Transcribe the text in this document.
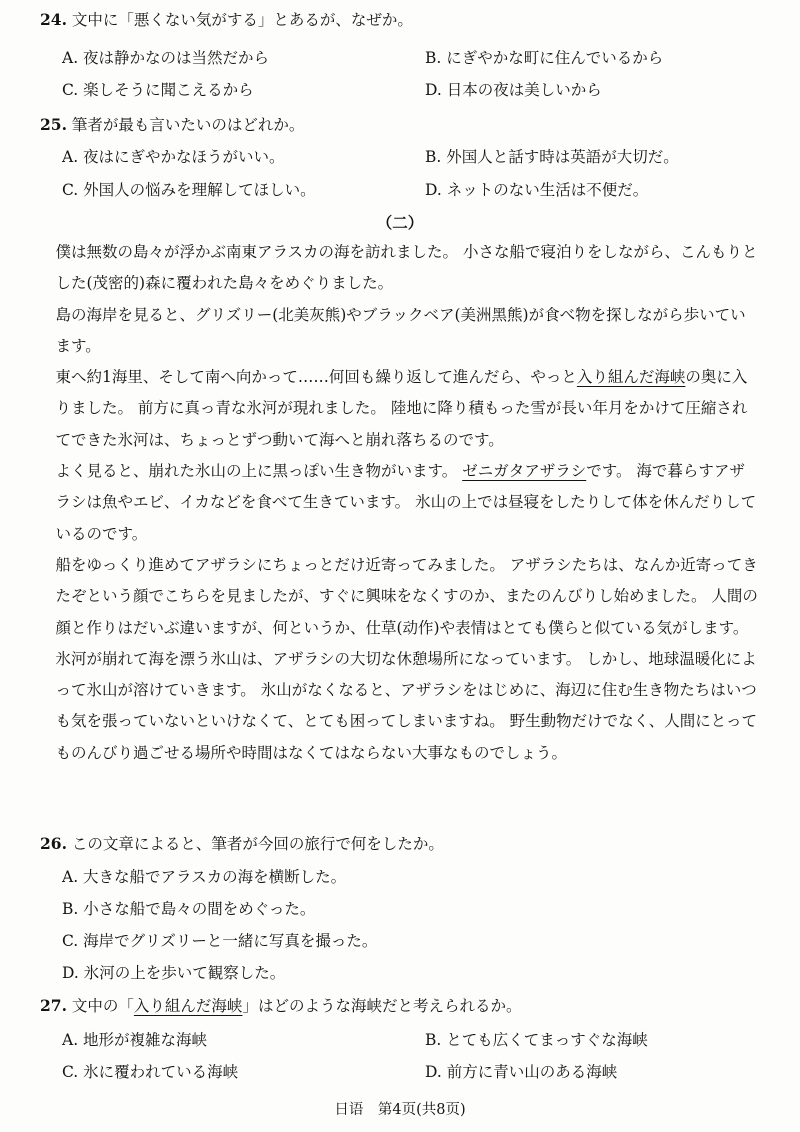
24. 文中に「悪くない気がする」とあるが、なぜか。
A. 夜は静かなのは当然だから	B. にぎやかな町に住んでいるから
C. 楽しそうに聞こえるから	D. 日本の夜は美しいから
25. 筆者が最も言いたいのはどれか。
A. 夜はにぎやかなほうがいい。	B. 外国人と話す時は英語が大切だ。
C. 外国人の悩みを理解してほしい。	D. ネットのない生活は不便だ。
（二）

僕は無数の島々が浮かぶ南東アラスカの海を訪れました。 小さな船で寝泊りをしながら、こんもりとした(茂密的)森に覆われた島々をめぐりました。

島の海岸を見ると、グリズリー(北美灰熊)やブラックベア(美洲黑熊)が食べ物を探しながら歩いています。

東へ約1海里、そして南へ向かって……何回も繰り返して進んだら、やっと入り組んだ海峡の奥に入りました。 前方に真っ青な氷河が現れました。 陸地に降り積もった雪が長い年月をかけて圧縮されてできた氷河は、ちょっとずつ動いて海へと崩れ落ちるのです。

よく見ると、崩れた氷山の上に黒っぽい生き物がいます。 ゼニガタアザラシです。 海で暮らすアザラシは魚やエビ、イカなどを食べて生きています。 氷山の上では昼寝をしたりして体を休んだりしているのです。

船をゆっくり進めてアザラシにちょっとだけ近寄ってみました。 アザラシたちは、なんか近寄ってきたぞという顔でこちらを見ましたが、すぐに興味をなくすのか、またのんびりし始めました。 人間の顔と作りはだいぶ違いますが、何というか、仕草(动作)や表情はとても僕らと似ている気がします。

氷河が崩れて海を漂う氷山は、アザラシの大切な休憩場所になっています。 しかし、地球温暖化によって氷山が溶けていきます。 氷山がなくなると、アザラシをはじめに、海辺に住む生き物たちはいつも気を張っていないといけなくて、とても困ってしまいますね。 野生動物だけでなく、人間にとってものんびり過ごせる場所や時間はなくてはならない大事なものでしょう。

26. この文章によると、筆者が今回の旅行で何をしたか。
A. 大きな船でアラスカの海を横断した。
B. 小さな船で島々の間をめぐった。
C. 海岸でグリズリーと一緒に写真を撮った。
D. 氷河の上を歩いて観察した。
27. 文中の「入り組んだ海峡」はどのような海峡だと考えられるか。
A. 地形が複雑な海峡	B. とても広くてまっすぐな海峡
C. 氷に覆われている海峡	D. 前方に青い山のある海峡
日语　第4页(共8页)
